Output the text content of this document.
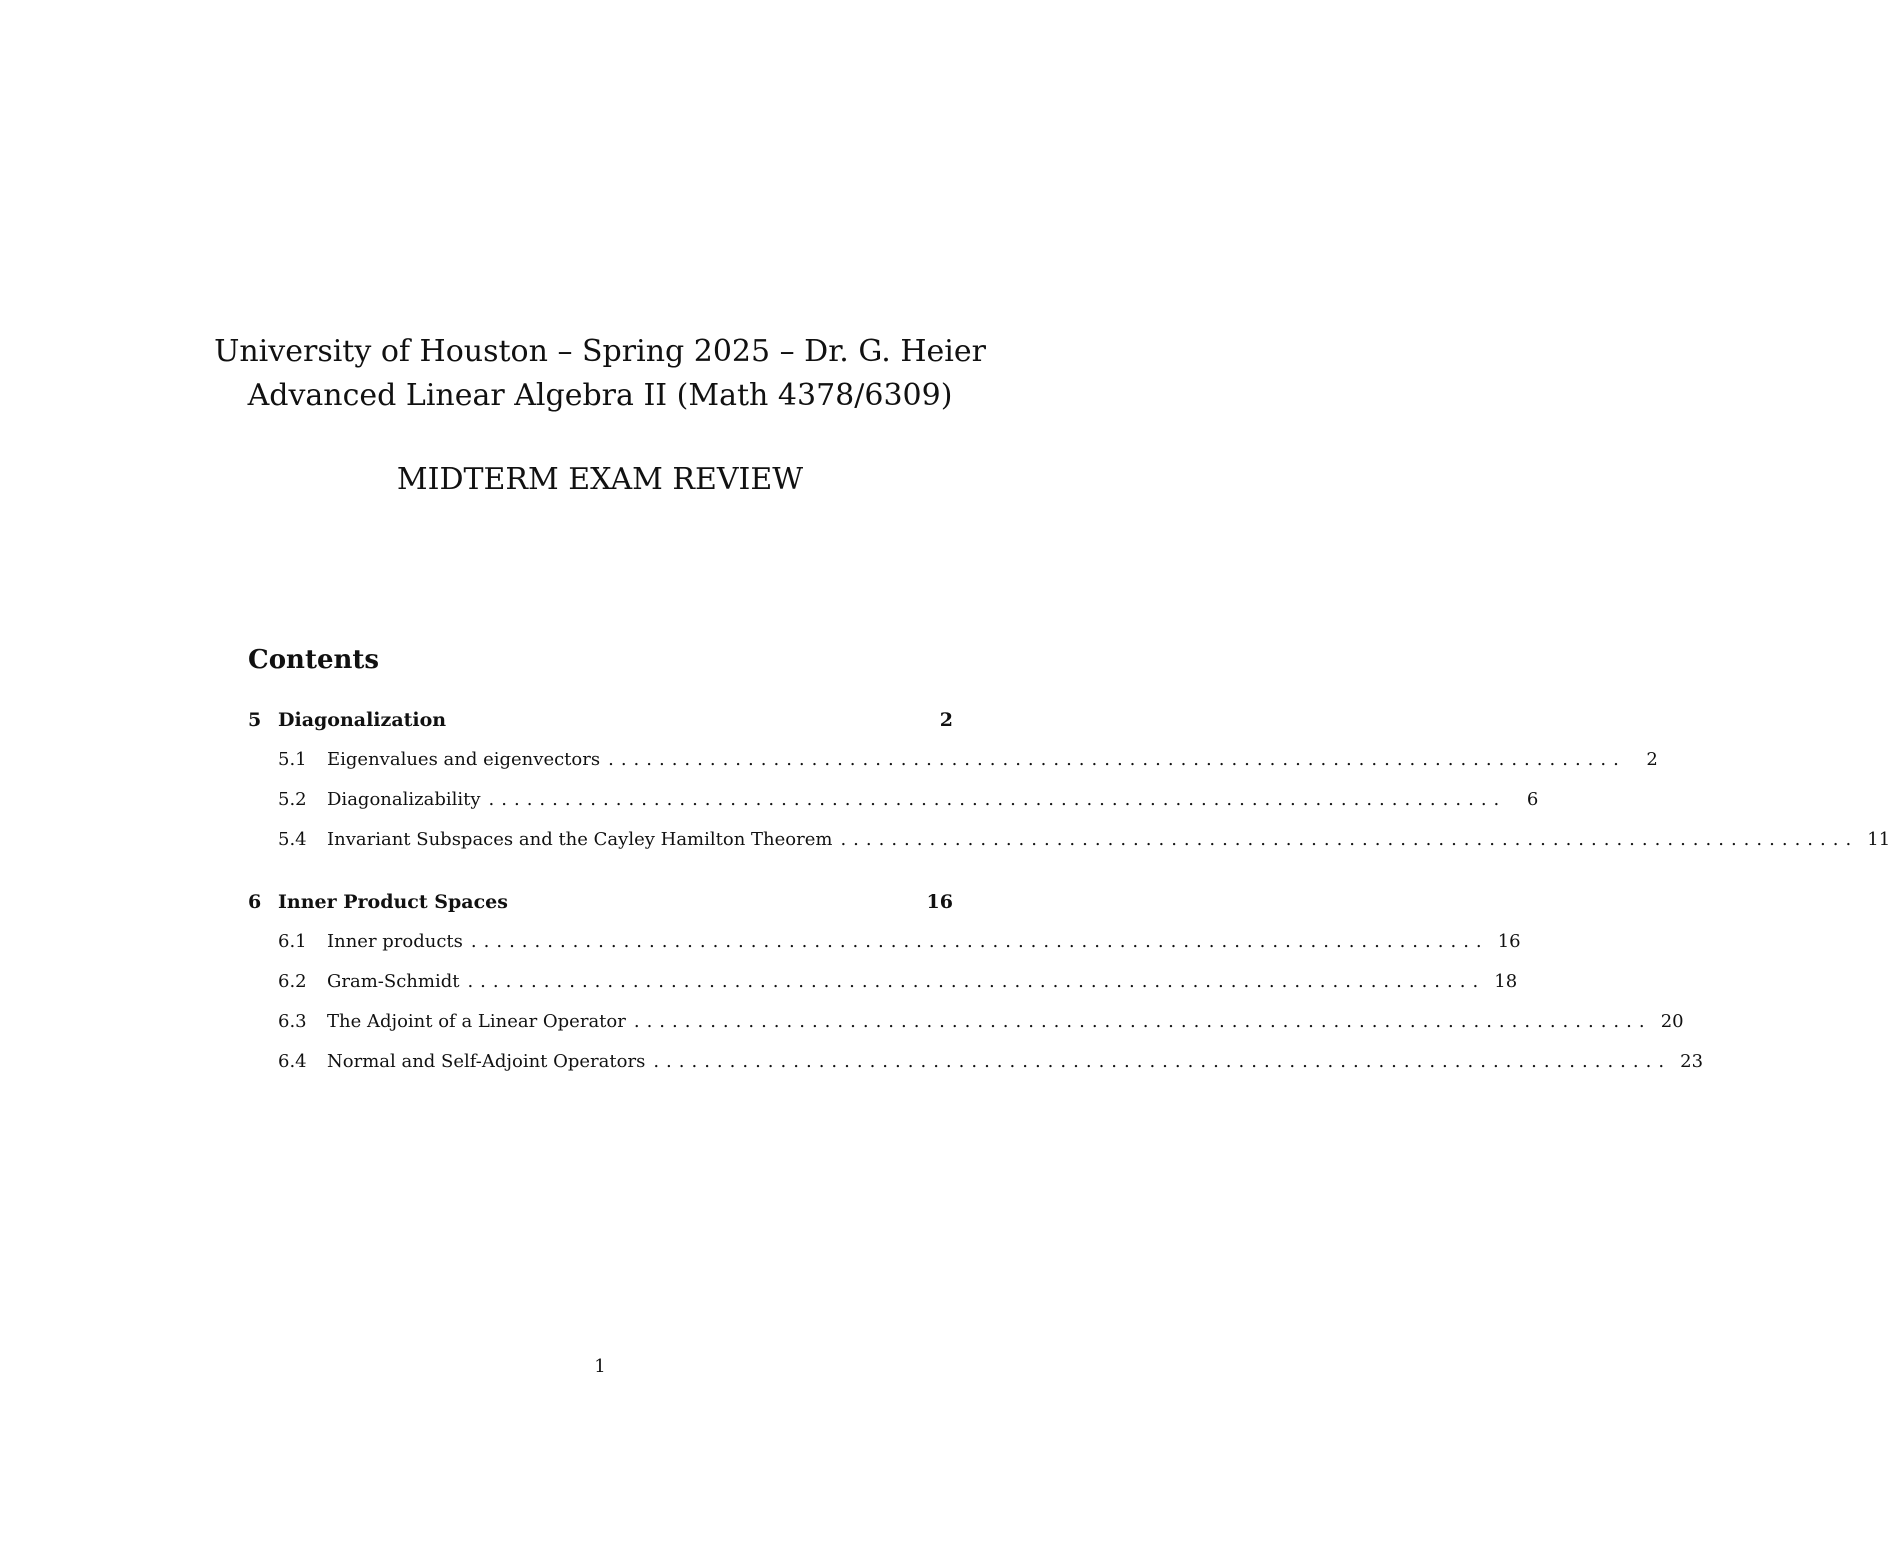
University of Houston – Spring 2025 – Dr. G. Heier
Advanced Linear Algebra II (Math 4378/6309)
MIDTERM EXAM REVIEW
Contents
5 Diagonalization	2
5.1	Eigenvalues and eigenvectors ................................................................................	2
5.2	Diagonalizability ................................................................................	6
5.4	Invariant Subspaces and the Cayley Hamilton Theorem ................................................................................ 11
6 Inner Product Spaces	16
6.1	Inner products ................................................................................ 16
6.2	Gram-Schmidt ................................................................................ 18
6.3	The Adjoint of a Linear Operator ................................................................................ 20
6.4	Normal and Self-Adjoint Operators ................................................................................ 23
1
